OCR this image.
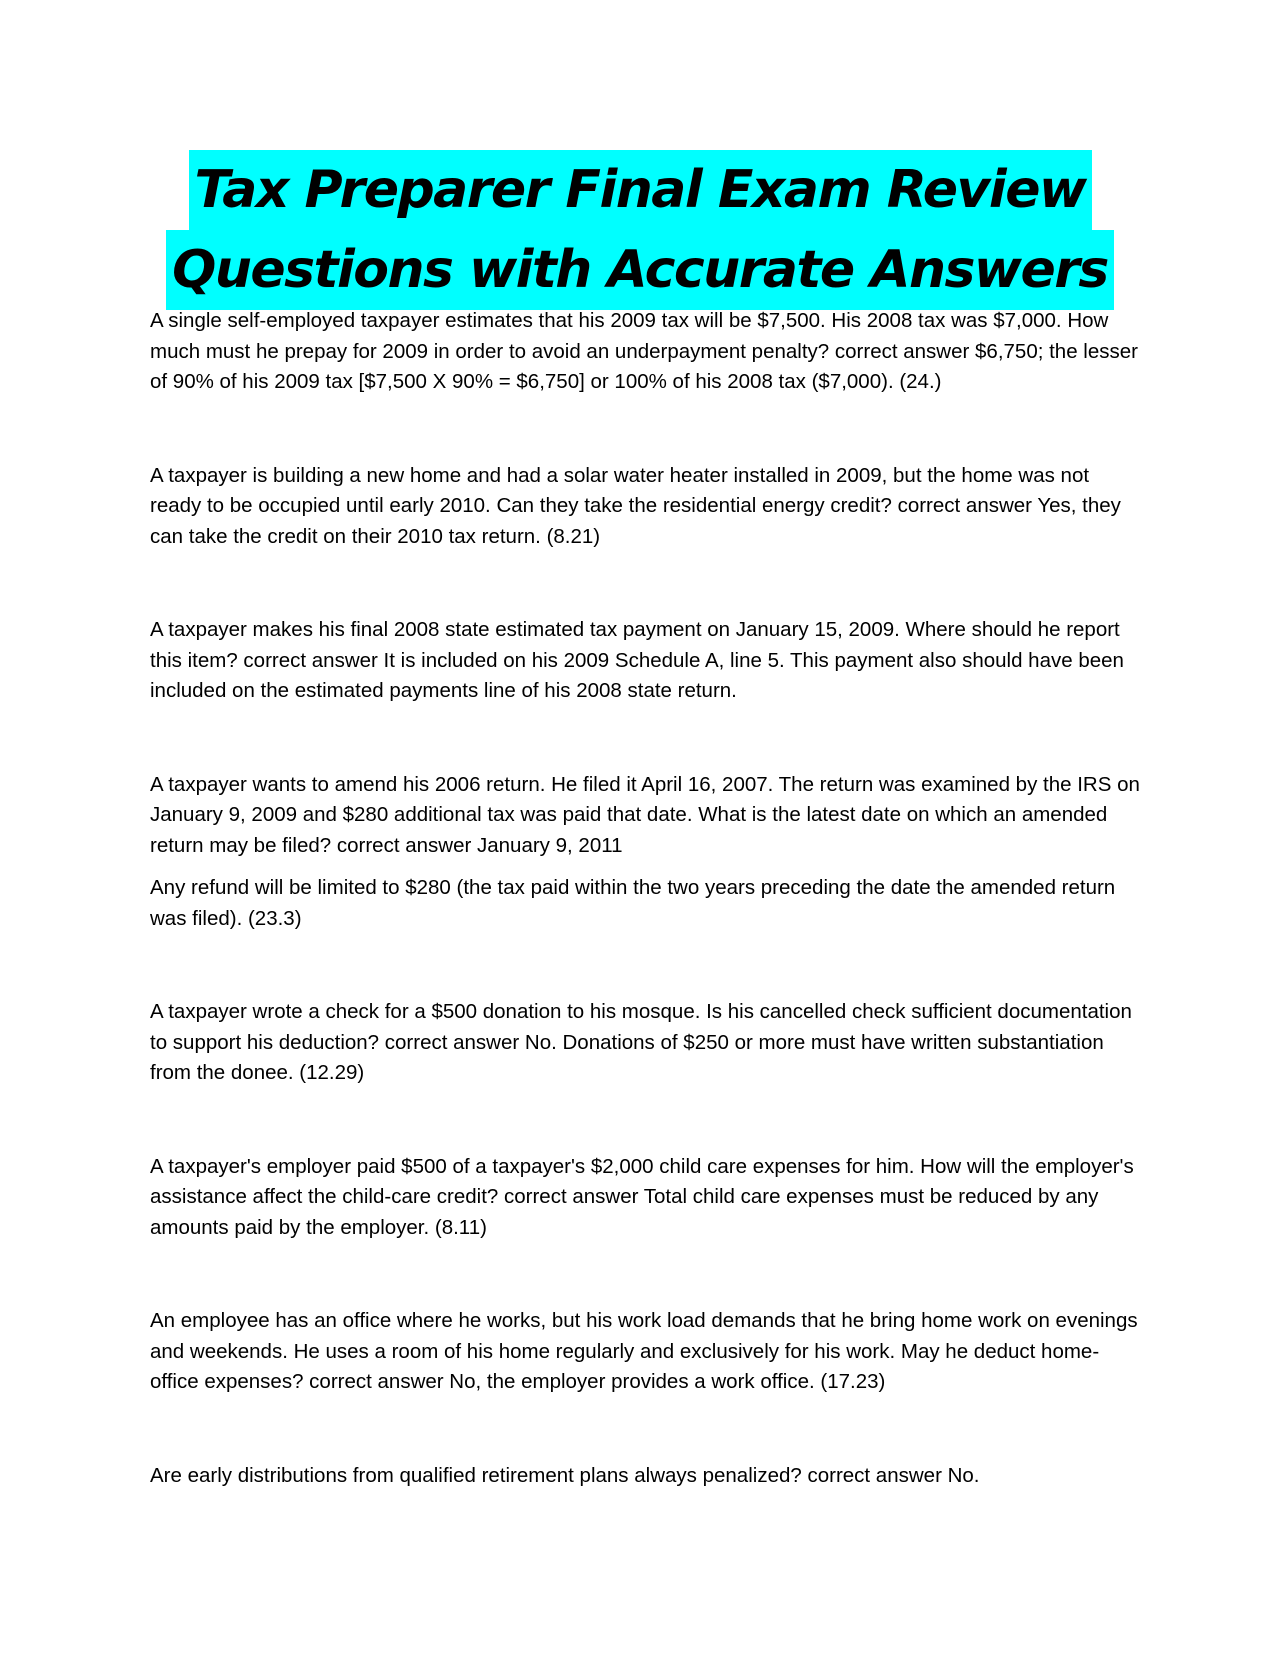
Tax Preparer Final Exam Review
Questions with Accurate Answers

A single self-employed taxpayer estimates that his 2009 tax will be $7,500. His 2008 tax was $7,000. How much must he prepay for 2009 in order to avoid an underpayment penalty? correct answer $6,750; the lesser of 90% of his 2009 tax [$7,500 X 90% = $6,750] or 100% of his 2008 tax ($7,000). (24.)

A taxpayer is building a new home and had a solar water heater installed in 2009, but the home was not ready to be occupied until early 2010. Can they take the residential energy credit? correct answer Yes, they can take the credit on their 2010 tax return. (8.21)

A taxpayer makes his final 2008 state estimated tax payment on January 15, 2009. Where should he report this item? correct answer It is included on his 2009 Schedule A, line 5. This payment also should have been included on the estimated payments line of his 2008 state return.

A taxpayer wants to amend his 2006 return. He filed it April 16, 2007. The return was examined by the IRS on January 9, 2009 and $280 additional tax was paid that date. What is the latest date on which an amended return may be filed? correct answer January 9, 2011

Any refund will be limited to $280 (the tax paid within the two years preceding the date the amended return was filed). (23.3)

A taxpayer wrote a check for a $500 donation to his mosque. Is his cancelled check sufficient documentation to support his deduction? correct answer No. Donations of $250 or more must have written substantiation from the donee. (12.29)

A taxpayer's employer paid $500 of a taxpayer's $2,000 child care expenses for him. How will the employer's assistance affect the child-care credit? correct answer Total child care expenses must be reduced by any amounts paid by the employer. (8.11)

An employee has an office where he works, but his work load demands that he bring home work on evenings and weekends. He uses a room of his home regularly and exclusively for his work. May he deduct home-office expenses? correct answer No, the employer provides a work office. (17.23)

Are early distributions from qualified retirement plans always penalized? correct answer No.
